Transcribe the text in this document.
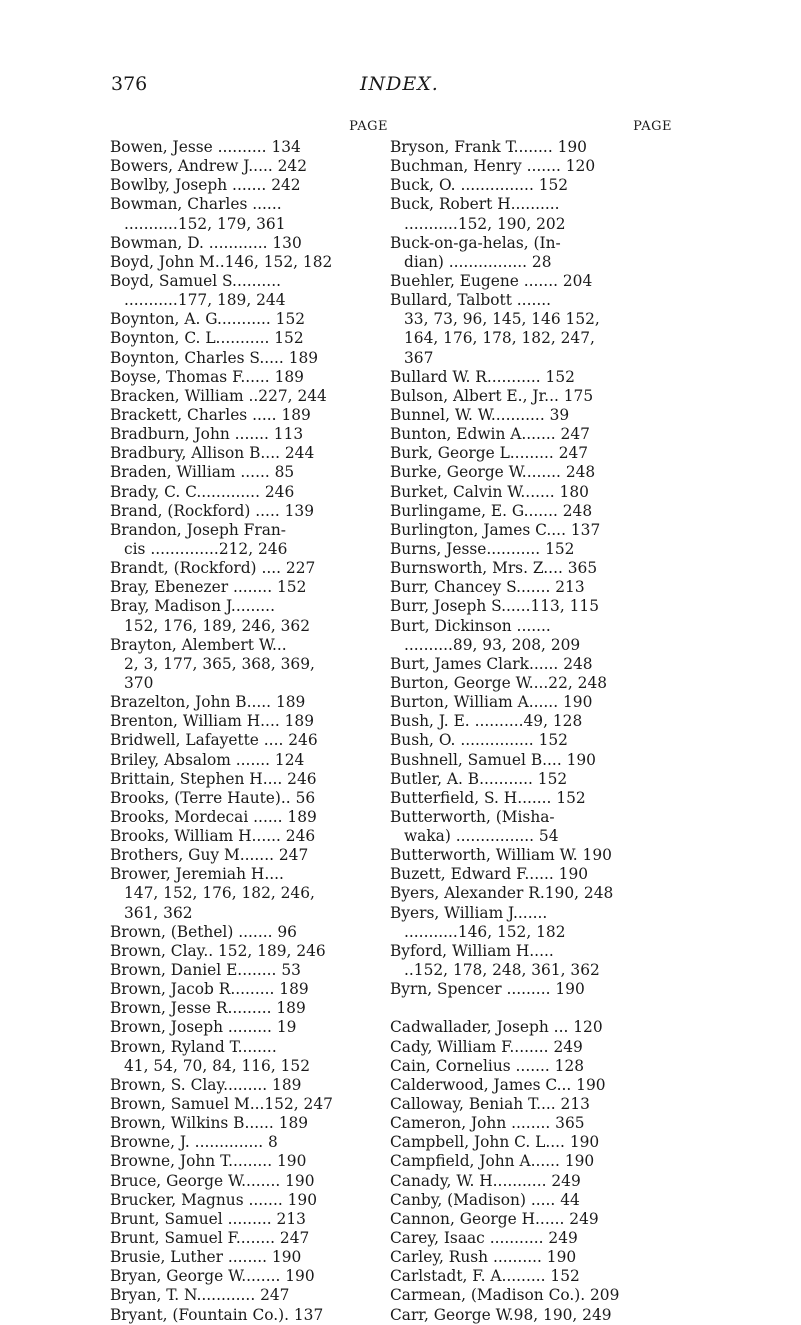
376	INDEX.
PAGE
Bowen, Jesse .......... 134
Bowers, Andrew J..... 242
Bowlby, Joseph ....... 242
Bowman, Charles ......
...........152, 179, 361
Bowman, D. ............ 130
Boyd, John M..146, 152, 182
Boyd, Samuel S..........
...........177, 189, 244
Boynton, A. G........... 152
Boynton, C. L........... 152
Boynton, Charles S..... 189
Boyse, Thomas F...... 189
Bracken, William ..227, 244
Brackett, Charles ..... 189
Bradburn, John ....... 113
Bradbury, Allison B.... 244
Braden, William ...... 85
Brady, C. C............. 246
Brand, (Rockford) ..... 139
Brandon, Joseph Fran-
cis ..............212, 246
Brandt, (Rockford) .... 227
Bray, Ebenezer ........ 152
Bray, Madison J.........
152, 176, 189, 246, 362
Brayton, Alembert W...
2, 3, 177, 365, 368, 369,
370
Brazelton, John B..... 189
Brenton, William H.... 189
Bridwell, Lafayette .... 246
Briley, Absalom ....... 124
Brittain, Stephen H.... 246
Brooks, (Terre Haute).. 56
Brooks, Mordecai ...... 189
Brooks, William H...... 246
Brothers, Guy M....... 247
Brower, Jeremiah H....
147, 152, 176, 182, 246,
361, 362
Brown, (Bethel) ....... 96
Brown, Clay.. 152, 189, 246
Brown, Daniel E........ 53
Brown, Jacob R......... 189
Brown, Jesse R......... 189
Brown, Joseph ......... 19
Brown, Ryland T........
41, 54, 70, 84, 116, 152
Brown, S. Clay......... 189
Brown, Samuel M...152, 247
Brown, Wilkins B...... 189
Browne, J. .............. 8
Browne, John T......... 190
Bruce, George W........ 190
Brucker, Magnus ....... 190
Brunt, Samuel ......... 213
Brunt, Samuel F........ 247
Brusie, Luther ........ 190
Bryan, George W........ 190
Bryan, T. N............ 247
Bryant, (Fountain Co.). 137
PAGE
Bryson, Frank T........ 190
Buchman, Henry ....... 120
Buck, O. ............... 152
Buck, Robert H..........
...........152, 190, 202
Buck-on-ga-helas, (In-
dian) ................ 28
Buehler, Eugene ....... 204
Bullard, Talbott .......
33, 73, 96, 145, 146 152,
164, 176, 178, 182, 247,
367
Bullard W. R........... 152
Bulson, Albert E., Jr... 175
Bunnel, W. W........... 39
Bunton, Edwin A....... 247
Burk, George L......... 247
Burke, George W........ 248
Burket, Calvin W....... 180
Burlingame, E. G....... 248
Burlington, James C.... 137
Burns, Jesse........... 152
Burnsworth, Mrs. Z.... 365
Burr, Chancey S....... 213
Burr, Joseph S......113, 115
Burt, Dickinson .......
..........89, 93, 208, 209
Burt, James Clark...... 248
Burton, George W....22, 248
Burton, William A...... 190
Bush, J. E. ..........49, 128
Bush, O. ............... 152
Bushnell, Samuel B.... 190
Butler, A. B........... 152
Butterfield, S. H....... 152
Butterworth, (Misha-
waka) ................ 54
Butterworth, William W. 190
Buzett, Edward F...... 190
Byers, Alexander R.190, 248
Byers, William J.......
...........146, 152, 182
Byford, William H.....
..152, 178, 248, 361, 362
Byrn, Spencer ......... 190
Cadwallader, Joseph ... 120
Cady, William F........ 249
Cain, Cornelius ....... 128
Calderwood, James C... 190
Calloway, Beniah T.... 213
Cameron, John ........ 365
Campbell, John C. L.... 190
Campfield, John A...... 190
Canady, W. H........... 249
Canby, (Madison) ..... 44
Cannon, George H...... 249
Carey, Isaac ........... 249
Carley, Rush .......... 190
Carlstadt, F. A......... 152
Carmean, (Madison Co.). 209
Carr, George W.98, 190, 249
